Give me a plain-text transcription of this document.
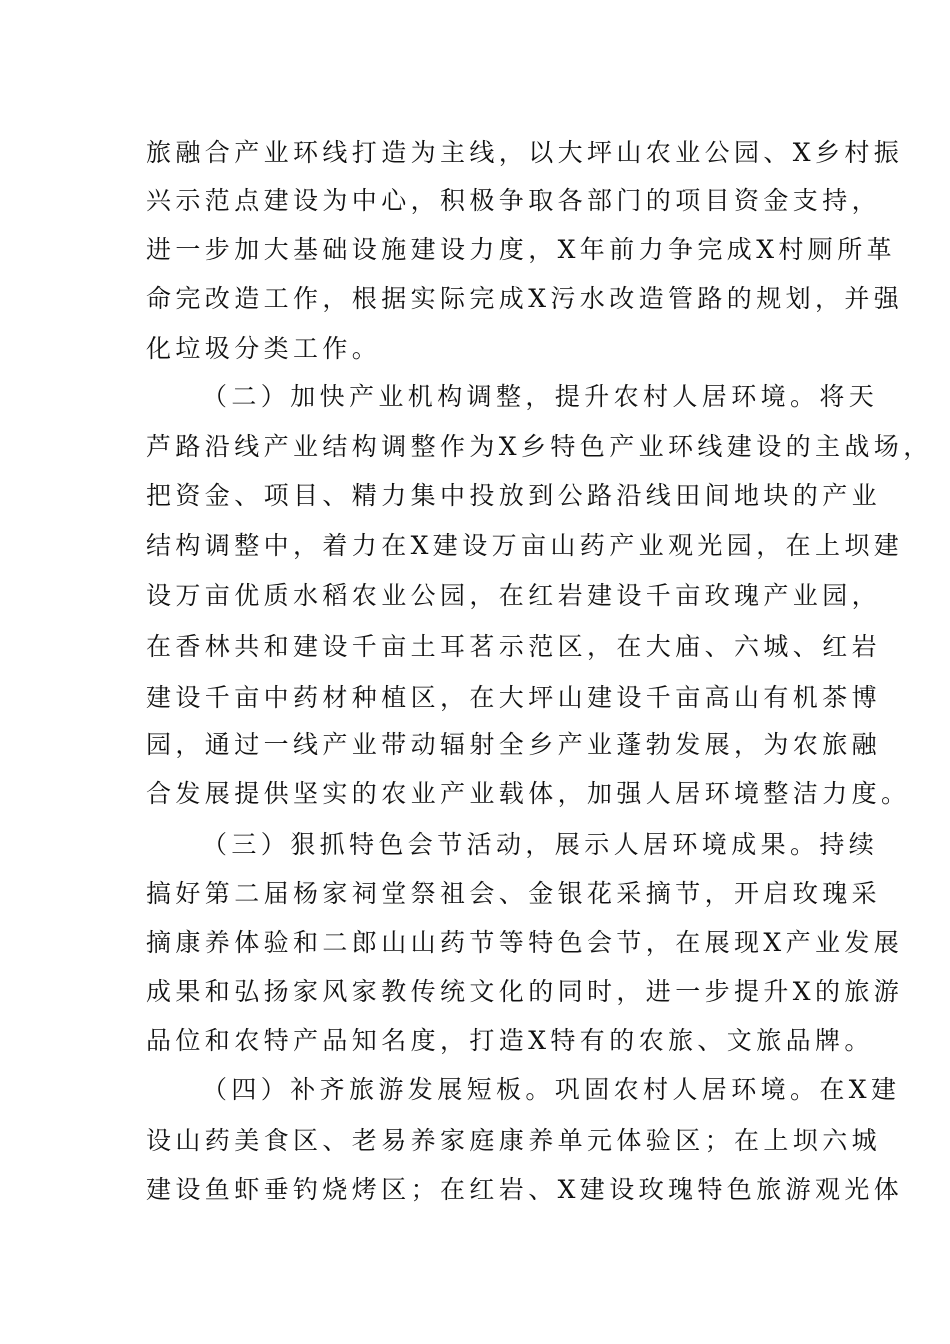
旅融合产业环线打造为主线，以大坪山农业公园、X乡村振
兴示范点建设为中心，积极争取各部门的项目资金支持，
进一步加大基础设施建设力度，X年前力争完成X村厕所革
命完改造工作，根据实际完成X污水改造管路的规划，并强
化垃圾分类工作。
（二）加快产业机构调整，提升农村人居环境。将天
芦路沿线产业结构调整作为X乡特色产业环线建设的主战场，
把资金、项目、精力集中投放到公路沿线田间地块的产业
结构调整中，着力在X建设万亩山药产业观光园，在上坝建
设万亩优质水稻农业公园，在红岩建设千亩玫瑰产业园，
在香林共和建设千亩土耳茗示范区，在大庙、六城、红岩
建设千亩中药材种植区，在大坪山建设千亩高山有机茶博
园，通过一线产业带动辐射全乡产业蓬勃发展，为农旅融
合发展提供坚实的农业产业载体，加强人居环境整洁力度。
（三）狠抓特色会节活动，展示人居环境成果。持续
搞好第二届杨家祠堂祭祖会、金银花采摘节，开启玫瑰采
摘康养体验和二郎山山药节等特色会节，在展现X产业发展
成果和弘扬家风家教传统文化的同时，进一步提升X的旅游
品位和农特产品知名度，打造X特有的农旅、文旅品牌。
（四）补齐旅游发展短板。巩固农村人居环境。在X建
设山药美食区、老易养家庭康养单元体验区；在上坝六城
建设鱼虾垂钓烧烤区；在红岩、X建设玫瑰特色旅游观光体
